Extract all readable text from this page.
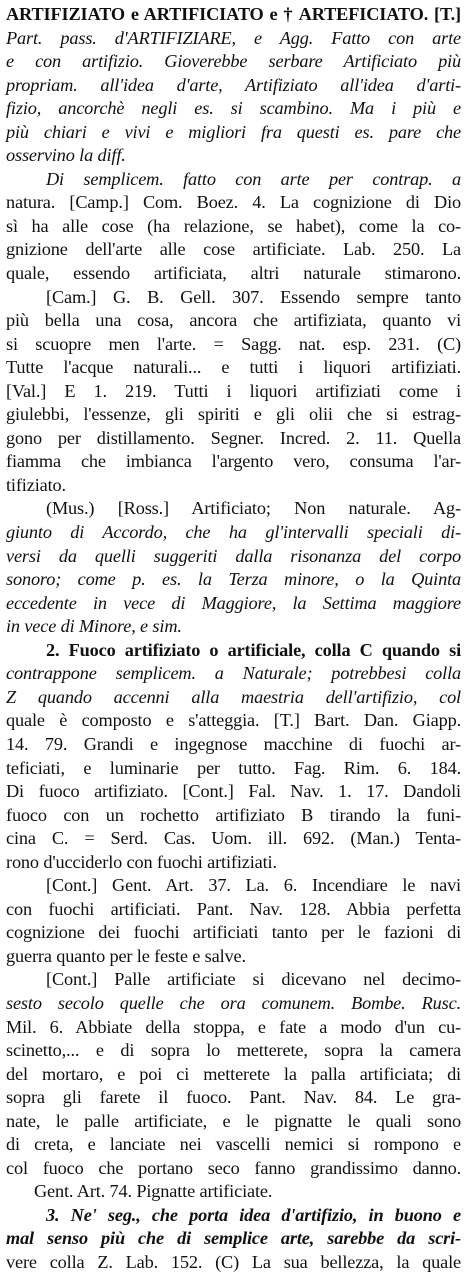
ARTIFIZIATO e ARTIFICIATO e † ARTEFICIATO. [T.]
Part. pass. d'ARTIFIZIARE, e Agg. Fatto con arte
e con artifizio. Gioverebbe serbare Artificiato più
propriam. all'idea d'arte, Artifiziato all'idea d'arti-
fizio, ancorchè negli es. si scambino. Ma i più e
più chiari e vivi e migliori fra questi es. pare che
osservino la diff.
Di semplicem. fatto con arte per contrap. a
natura. [Camp.] Com. Boez. 4. La cognizione di Dio
sì ha alle cose (ha relazione, se habet), come la co-
gnizione dell'arte alle cose artificiate. Lab. 250. La
quale, essendo artificiata, altri naturale stimarono.
[Cam.] G. B. Gell. 307. Essendo sempre tanto
più bella una cosa, ancora che artifiziata, quanto vi
si scuopre men l'arte. = Sagg. nat. esp. 231. (C)
Tutte l'acque naturali... e tutti i liquori artifiziati.
[Val.] E 1. 219. Tutti i liquori artifiziati come i
giulebbi, l'essenze, gli spiriti e gli olii che si estrag-
gono per distillamento. Segner. Incred. 2. 11. Quella
fiamma che imbianca l'argento vero, consuma l'ar-
tifiziato.
(Mus.) [Ross.] Artificiato; Non naturale. Ag-
giunto di Accordo, che ha gl'intervalli speciali di-
versi da quelli suggeriti dalla risonanza del corpo
sonoro; come p. es. la Terza minore, o la Quinta
eccedente in vece di Maggiore, la Settima maggiore
in vece di Minore, e sim.
2. Fuoco artifiziato o artificiale, colla C quando si
contrappone semplicem. a Naturale; potrebbesi colla
Z quando accenni alla maestria dell'artifizio, col
quale è composto e s'atteggia. [T.] Bart. Dan. Giapp.
14. 79. Grandi e ingegnose macchine di fuochi ar-
teficiati, e luminarie per tutto. Fag. Rim. 6. 184.
Di fuoco artifiziato. [Cont.] Fal. Nav. 1. 17. Dandoli
fuoco con un rochetto artifiziato B tirando la funi-
cina C. = Serd. Cas. Uom. ill. 692. (Man.) Tenta-
rono d'ucciderlo con fuochi artifiziati.
[Cont.] Gent. Art. 37. La. 6. Incendiare le navi
con fuochi artificiati. Pant. Nav. 128. Abbia perfetta
cognizione dei fuochi artificiati tanto per le fazioni di
guerra quanto per le feste e salve.
[Cont.] Palle artificiate si dicevano nel decimo-
sesto secolo quelle che ora comunem. Bombe. Rusc.
Mil. 6. Abbiate della stoppa, e fate a modo d'un cu-
scinetto,... e di sopra lo metterete, sopra la camera
del mortaro, e poi ci metterete la palla artificiata; di
sopra gli farete il fuoco. Pant. Nav. 84. Le gra-
nate, le palle artificiate, e le pignatte le quali sono
di creta, e lanciate nei vascelli nemici si rompono e
col fuoco che portano seco fanno grandissimo danno.
Gent. Art. 74. Pignatte artificiate.
3. Ne' seg., che porta idea d'artifizio, in buono e
mal senso più che di semplice arte, sarebbe da scri-
vere colla Z. Lab. 152. (C) La sua bellezza, la quale
